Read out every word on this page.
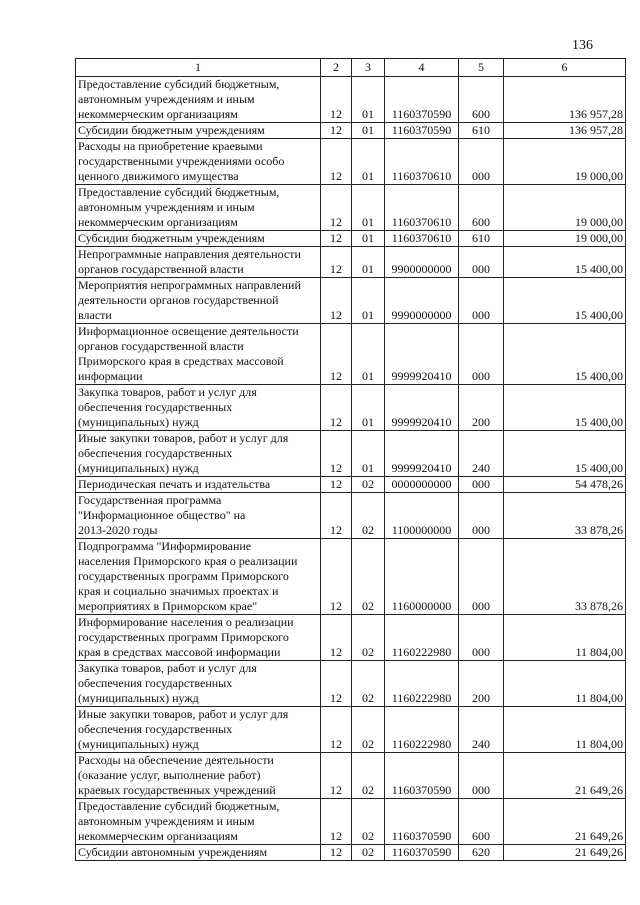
136
1	2	3	4	5	6
Предоставление субсидий бюджетным,
автономным учреждениям и иным
некоммерческим организациям	12	01	1160370590	600	136 957,28
Субсидии бюджетным учреждениям	12	01	1160370590	610	136 957,28
Расходы на приобретение краевыми
государственными учреждениями особо
ценного движимого имущества	12	01	1160370610	000	19 000,00
Предоставление субсидий бюджетным,
автономным учреждениям и иным
некоммерческим организациям	12	01	1160370610	600	19 000,00
Субсидии бюджетным учреждениям	12	01	1160370610	610	19 000,00
Непрограммные направления деятельности
органов государственной власти	12	01	9900000000	000	15 400,00
Мероприятия непрограммных направлений
деятельности органов государственной
власти	12	01	9990000000	000	15 400,00
Информационное освещение деятельности
органов государственной власти
Приморского края в средствах массовой
информации	12	01	9999920410	000	15 400,00
Закупка товаров, работ и услуг для
обеспечения государственных
(муниципальных) нужд	12	01	9999920410	200	15 400,00
Иные закупки товаров, работ и услуг для
обеспечения государственных
(муниципальных) нужд	12	01	9999920410	240	15 400,00
Периодическая печать и издательства	12	02	0000000000	000	54 478,26
Государственная программа
"Информационное общество" на
2013-2020 годы	12	02	1100000000	000	33 878,26
Подпрограмма "Информирование
населения Приморского края о реализации
государственных программ Приморского
края и социально значимых проектах и
мероприятиях в Приморском крае"	12	02	1160000000	000	33 878,26
Информирование населения о реализации
государственных программ Приморского
края в средствах массовой информации	12	02	1160222980	000	11 804,00
Закупка товаров, работ и услуг для
обеспечения государственных
(муниципальных) нужд	12	02	1160222980	200	11 804,00
Иные закупки товаров, работ и услуг для
обеспечения государственных
(муниципальных) нужд	12	02	1160222980	240	11 804,00
Расходы на обеспечение деятельности
(оказание услуг, выполнение работ)
краевых государственных учреждений	12	02	1160370590	000	21 649,26
Предоставление субсидий бюджетным,
автономным учреждениям и иным
некоммерческим организациям	12	02	1160370590	600	21 649,26
Субсидии автономным учреждениям	12	02	1160370590	620	21 649,26
